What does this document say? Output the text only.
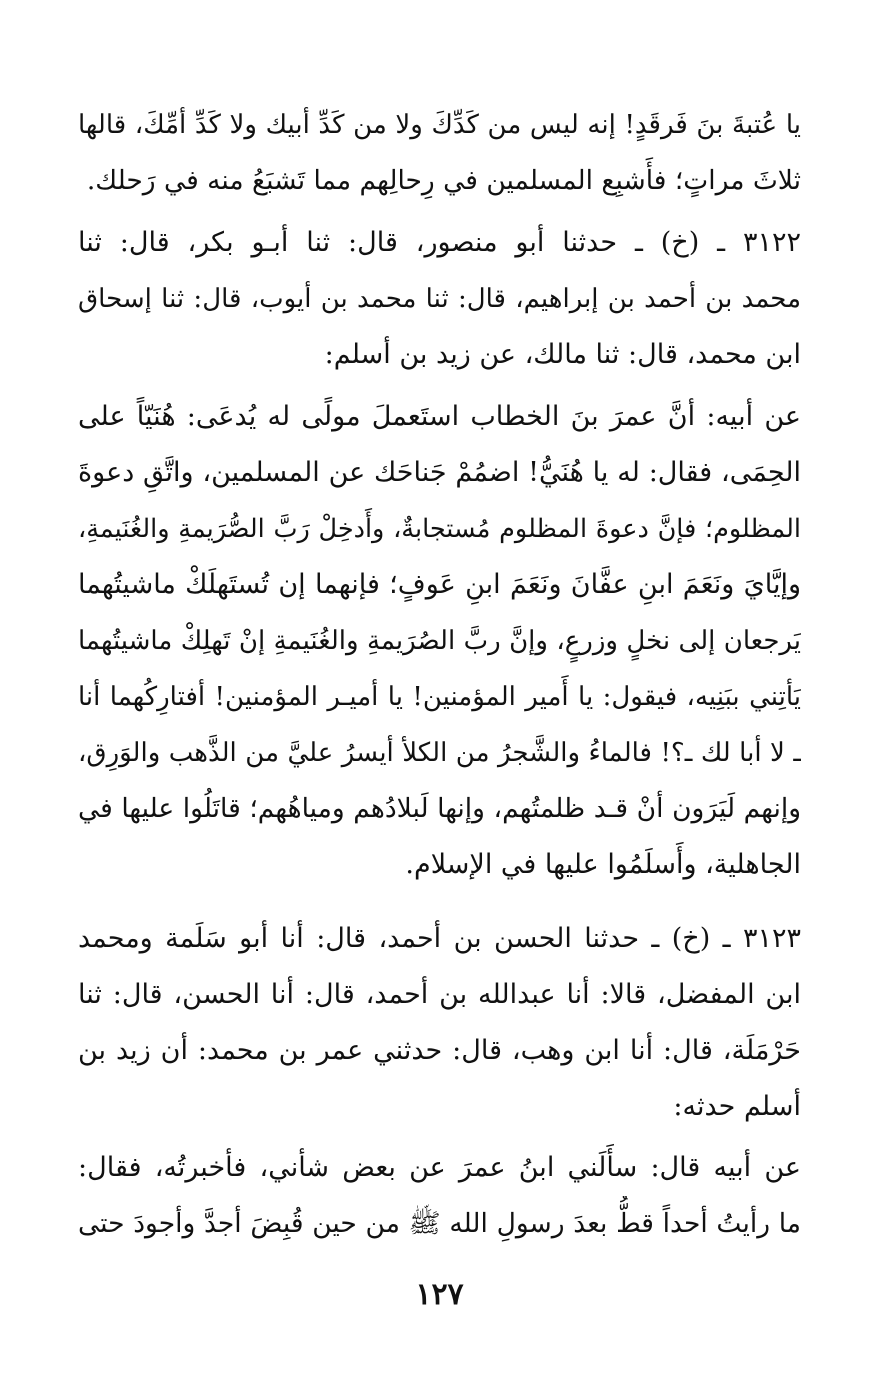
يا عُتبةَ بنَ فَرقَدٍ! إنه ليس من كَدِّكَ ولا من كَدِّ أبيك ولا كَدِّ أمِّكَ، قالها
ثلاثَ مراتٍ؛ فأَشبِع المسلمين في رِحالِهم مما تَشبَعُ منه في رَحلك.
٣١٢٢ ـ (خ) ـ حدثنا أبو منصور، قال: ثنا أبـو بكر، قال: ثنا
محمد بن أحمد بن إبراهيم، قال: ثنا محمد بن أيوب، قال: ثنا إسحاق
ابن محمد، قال: ثنا مالك، عن زيد بن أسلم:
عن أبيه: أنَّ عمرَ بنَ الخطاب استَعملَ مولًى له يُدعَى: هُنَيّاً على
الحِمَى، فقال: له يا هُنَيُّ! اضمُمْ جَناحَك عن المسلمين، واتَّقِ دعوةَ
المظلوم؛ فإنَّ دعوةَ المظلوم مُستجابةٌ، وأَدخِلْ رَبَّ الصُّرَيمةِ والغُنَيمةِ،
وإيَّايَ ونَعَمَ ابنِ عفَّانَ ونَعَمَ ابنِ عَوفٍ؛ فإنهما إن تُستَهلَكْ ماشيتُهما
يَرجعان إلى نخلٍ وزرعٍ، وإنَّ ربَّ الصُرَيمةِ والغُنَيمةِ إنْ تَهلِكْ ماشيتُهما
يَأتِني ببَنِيه، فيقول: يا أَمير المؤمنين! يا أميـر المؤمنين! أفتارِكُهما أنا
ـ لا أبا لك ـ؟! فالماءُ والشَّجرُ من الكلأ أيسرُ عليَّ من الذَّهب والوَرِق،
وإنهم لَيَرَون أنْ قـد ظلمتُهم، وإنها لَبلادُهم ومياهُهم؛ قاتَلُوا عليها في
الجاهلية، وأَسلَمُوا عليها في الإسلام.
٣١٢٣ ـ (خ) ـ حدثنا الحسن بن أحمد، قال: أنا أبو سَلَمة ومحمد
ابن المفضل، قالا: أنا عبدالله بن أحمد، قال: أنا الحسن، قال: ثنا
حَرْمَلَة، قال: أنا ابن وهب، قال: حدثني عمر بن محمد: أن زيد بن
أسلم حدثه:
عن أبيه قال: سأَلَني ابنُ عمرَ عن بعض شأني، فأخبرتُه، فقال:
ما رأيتُ أحداً قطُّ بعدَ رسولِ الله ﷺ من حين قُبِضَ أجدَّ وأجودَ حتى
١٢٧
